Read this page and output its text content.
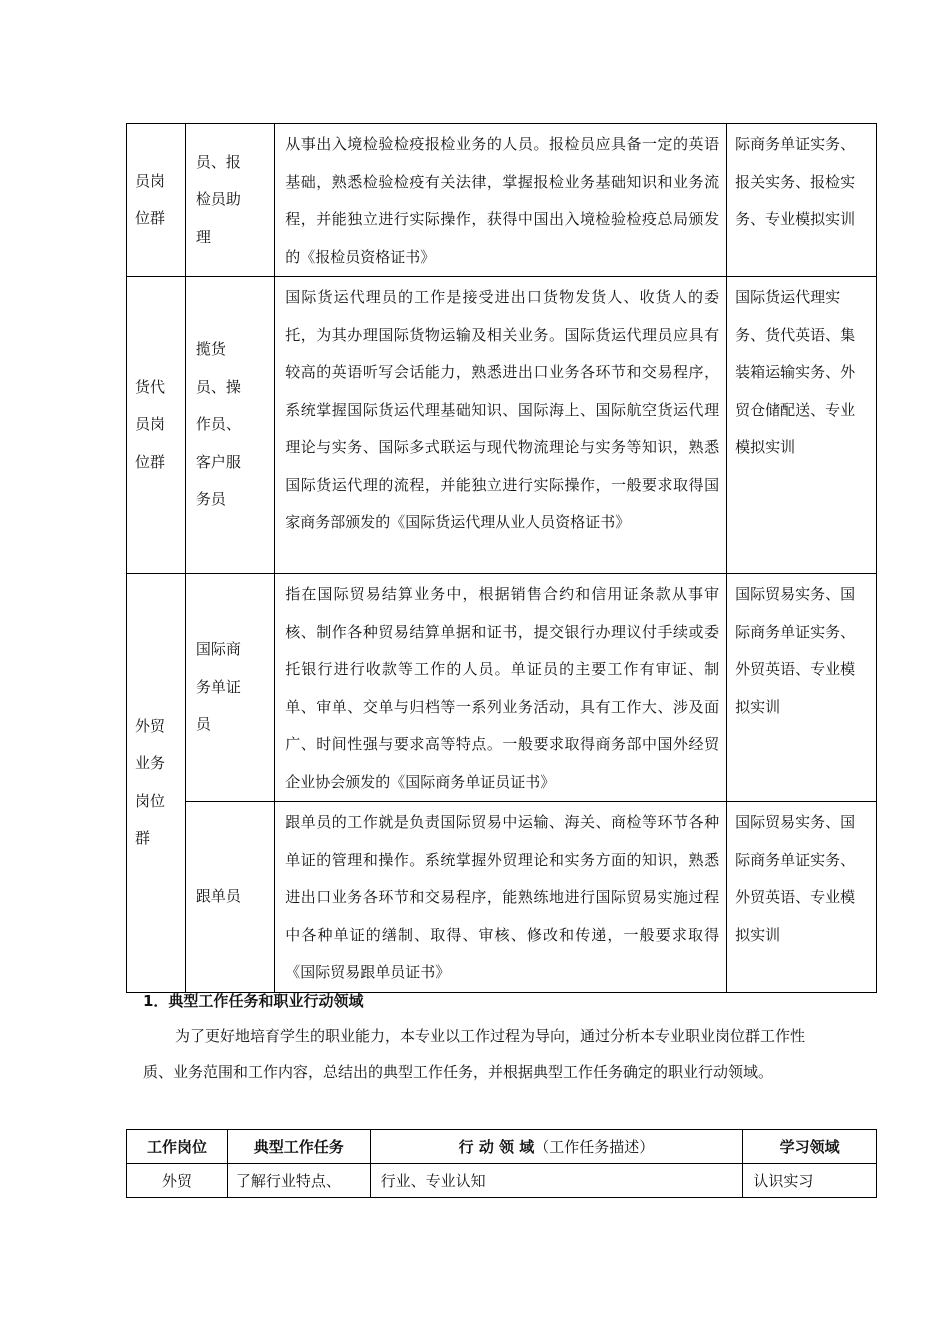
员岗位群	员、报检员助理	从事出入境检验检疫报检业务的人员。报检员应具备一定的英语基础，熟悉检验检疫有关法律，掌握报检业务基础知识和业务流程，并能独立进行实际操作，获得中国出入境检验检疫总局颁发的《报检员资格证书》	际商务单证实务、报关实务、报检实务、专业模拟实训

货代员岗位群	揽货员、操作员、客户服务员	国际货运代理员的工作是接受进出口货物发货人、收货人的委托，为其办理国际货物运输及相关业务。国际货运代理员应具有较高的英语听写会话能力，熟悉进出口业务各环节和交易程序，系统掌握国际货运代理基础知识、国际海上、国际航空货运代理理论与实务、国际多式联运与现代物流理论与实务等知识，熟悉国际货运代理的流程，并能独立进行实际操作，一般要求取得国家商务部颁发的《国际货运代理从业人员资格证书》	国际货运代理实务、货代英语、集装箱运输实务、外贸仓储配送、专业模拟实训

外贸业务岗位群	国际商务单证员	指在国际贸易结算业务中，根据销售合约和信用证条款从事审核、制作各种贸易结算单据和证书，提交银行办理议付手续或委托银行进行收款等工作的人员。单证员的主要工作有审证、制单、审单、交单与归档等一系列业务活动，具有工作大、涉及面广、时间性强与要求高等特点。一般要求取得商务部中国外经贸企业协会颁发的《国际商务单证员证书》	国际贸易实务、国际商务单证实务、外贸英语、专业模拟实训

	跟单员	跟单员的工作就是负责国际贸易中运输、海关、商检等环节各种单证的管理和操作。系统掌握外贸理论和实务方面的知识，熟悉进出口业务各环节和交易程序，能熟练地进行国际贸易实施过程中各种单证的缮制、取得、审核、修改和传递，一般要求取得《国际贸易跟单员证书》	国际贸易实务、国际商务单证实务、外贸英语、专业模拟实训

1．典型工作任务和职业行动领域

为了更好地培育学生的职业能力，本专业以工作过程为导向，通过分析本专业职业岗位群工作性质、业务范围和工作内容，总结出的典型工作任务，并根据典型工作任务确定的职业行动领域。

工作岗位	典型工作任务	行 动 领 域（工作任务描述）	学习领域
外贸	了解行业特点、	行业、专业认知	认识实习
